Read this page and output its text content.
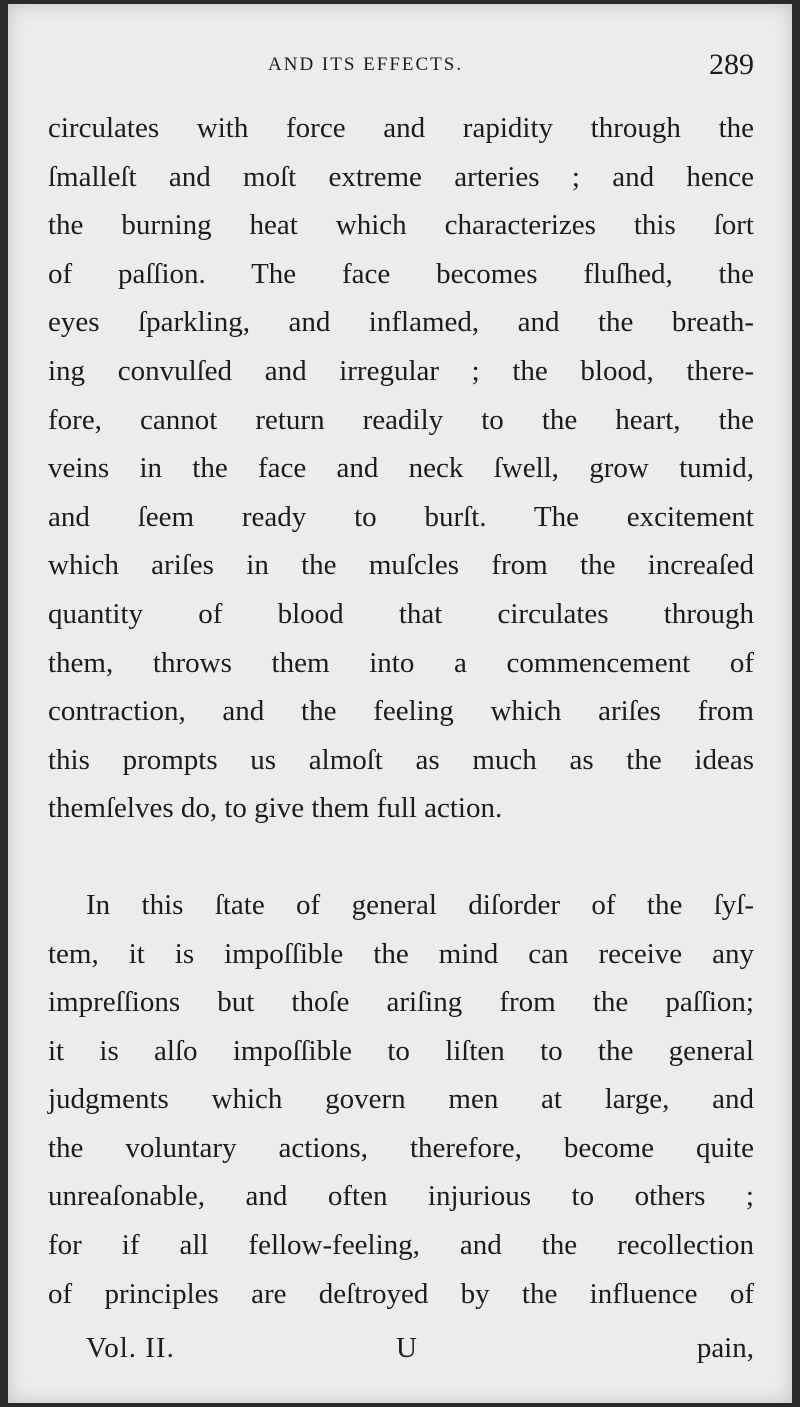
AND ITS EFFECTS.	289
circulates with force and rapidity through the
ſmalleſt and moſt extreme arteries ; and hence
the burning heat which characterizes this ſort
of paſſion. The face becomes fluſhed, the
eyes ſparkling, and inflamed, and the breath-
ing convulſed and irregular ; the blood, there-
fore, cannot return readily to the heart, the
veins in the face and neck ſwell, grow tumid,
and ſeem ready to burſt. The excitement
which ariſes in the muſcles from the increaſed
quantity of blood that circulates through
them, throws them into a commencement of
contraction, and the feeling which ariſes from
this prompts us almoſt as much as the ideas
themſelves do, to give them full action.
In this ſtate of general diſorder of the ſyſ-
tem, it is impoſſible the mind can receive any
impreſſions but thoſe ariſing from the paſſion;
it is alſo impoſſible to liſten to the general
judgments which govern men at large, and
the voluntary actions, therefore, become quite
unreaſonable, and often injurious to others ;
for if all fellow-feeling, and the recollection
of principles are deſtroyed by the influence of
Vol. II.	U	pain,
